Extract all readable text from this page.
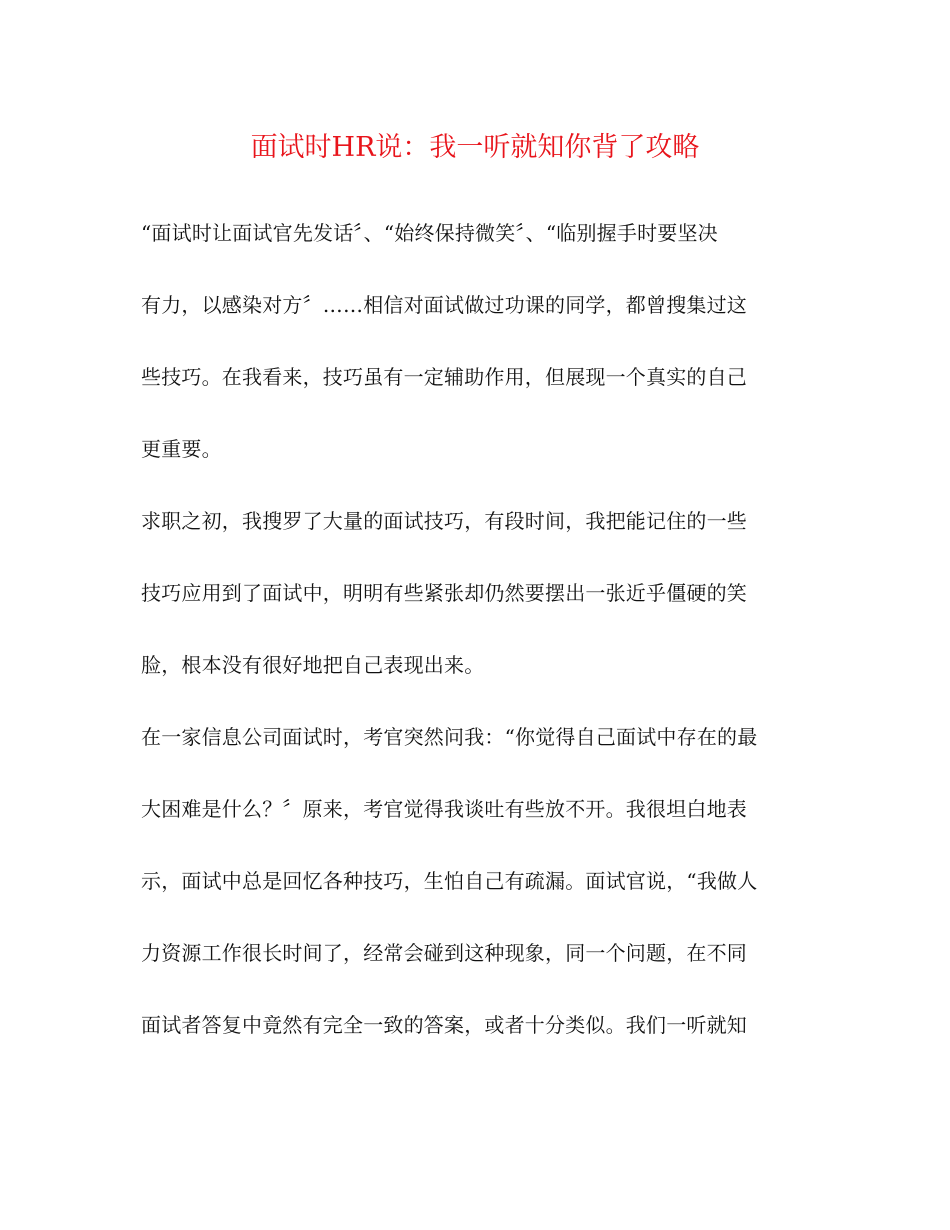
面试时HR说：我一听就知你背了攻略
“面试时让面试官先发话〞、“始终保持微笑〞、“临别握手时要坚决
有力，以感染对方〞……相信对面试做过功课的同学，都曾搜集过这
些技巧。在我看来，技巧虽有一定辅助作用，但展现一个真实的自己
更重要。
求职之初，我搜罗了大量的面试技巧，有段时间，我把能记住的一些
技巧应用到了面试中，明明有些紧张却仍然要摆出一张近乎僵硬的笑
脸，根本没有很好地把自己表现出来。
在一家信息公司面试时，考官突然问我：“你觉得自己面试中存在的最
大困难是什么？〞原来，考官觉得我谈吐有些放不开。我很坦白地表
示，面试中总是回忆各种技巧，生怕自己有疏漏。面试官说，“我做人
力资源工作很长时间了，经常会碰到这种现象，同一个问题，在不同
面试者答复中竟然有完全一致的答案，或者十分类似。我们一听就知
